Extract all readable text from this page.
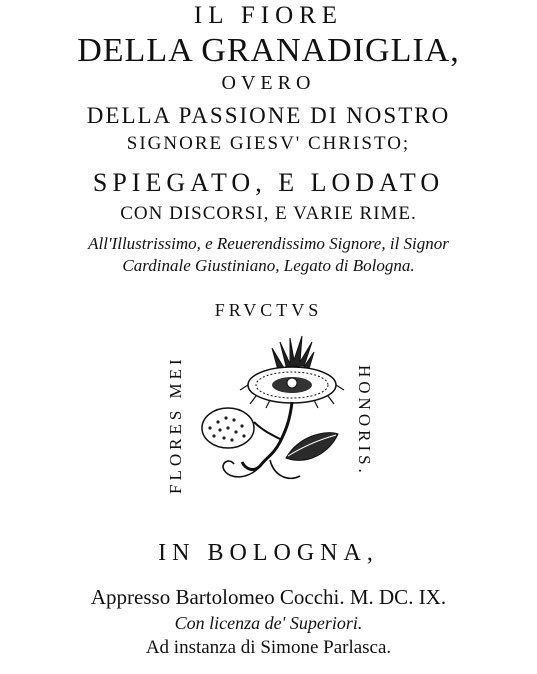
IL FIORE
DELLA GRANADIGLIA,
OVERO
DELLA PASSIONE DI NOSTRO
SIGNORE GIESV' CHRISTO;
SPIEGATO, E LODATO
CON DISCORSI, E VARIE RIME.
All'Illustrissimo, e Reuerendissimo Signore, il Signor
Cardinale Giustiniano, Legato di Bologna.
FRVCTVS
FLORES MEI	HONORIS.
IN BOLOGNA,
Appresso Bartolomeo Cocchi. M. DC. IX.
Con licenza de' Superiori.
Ad instanza di Simone Parlasca.
